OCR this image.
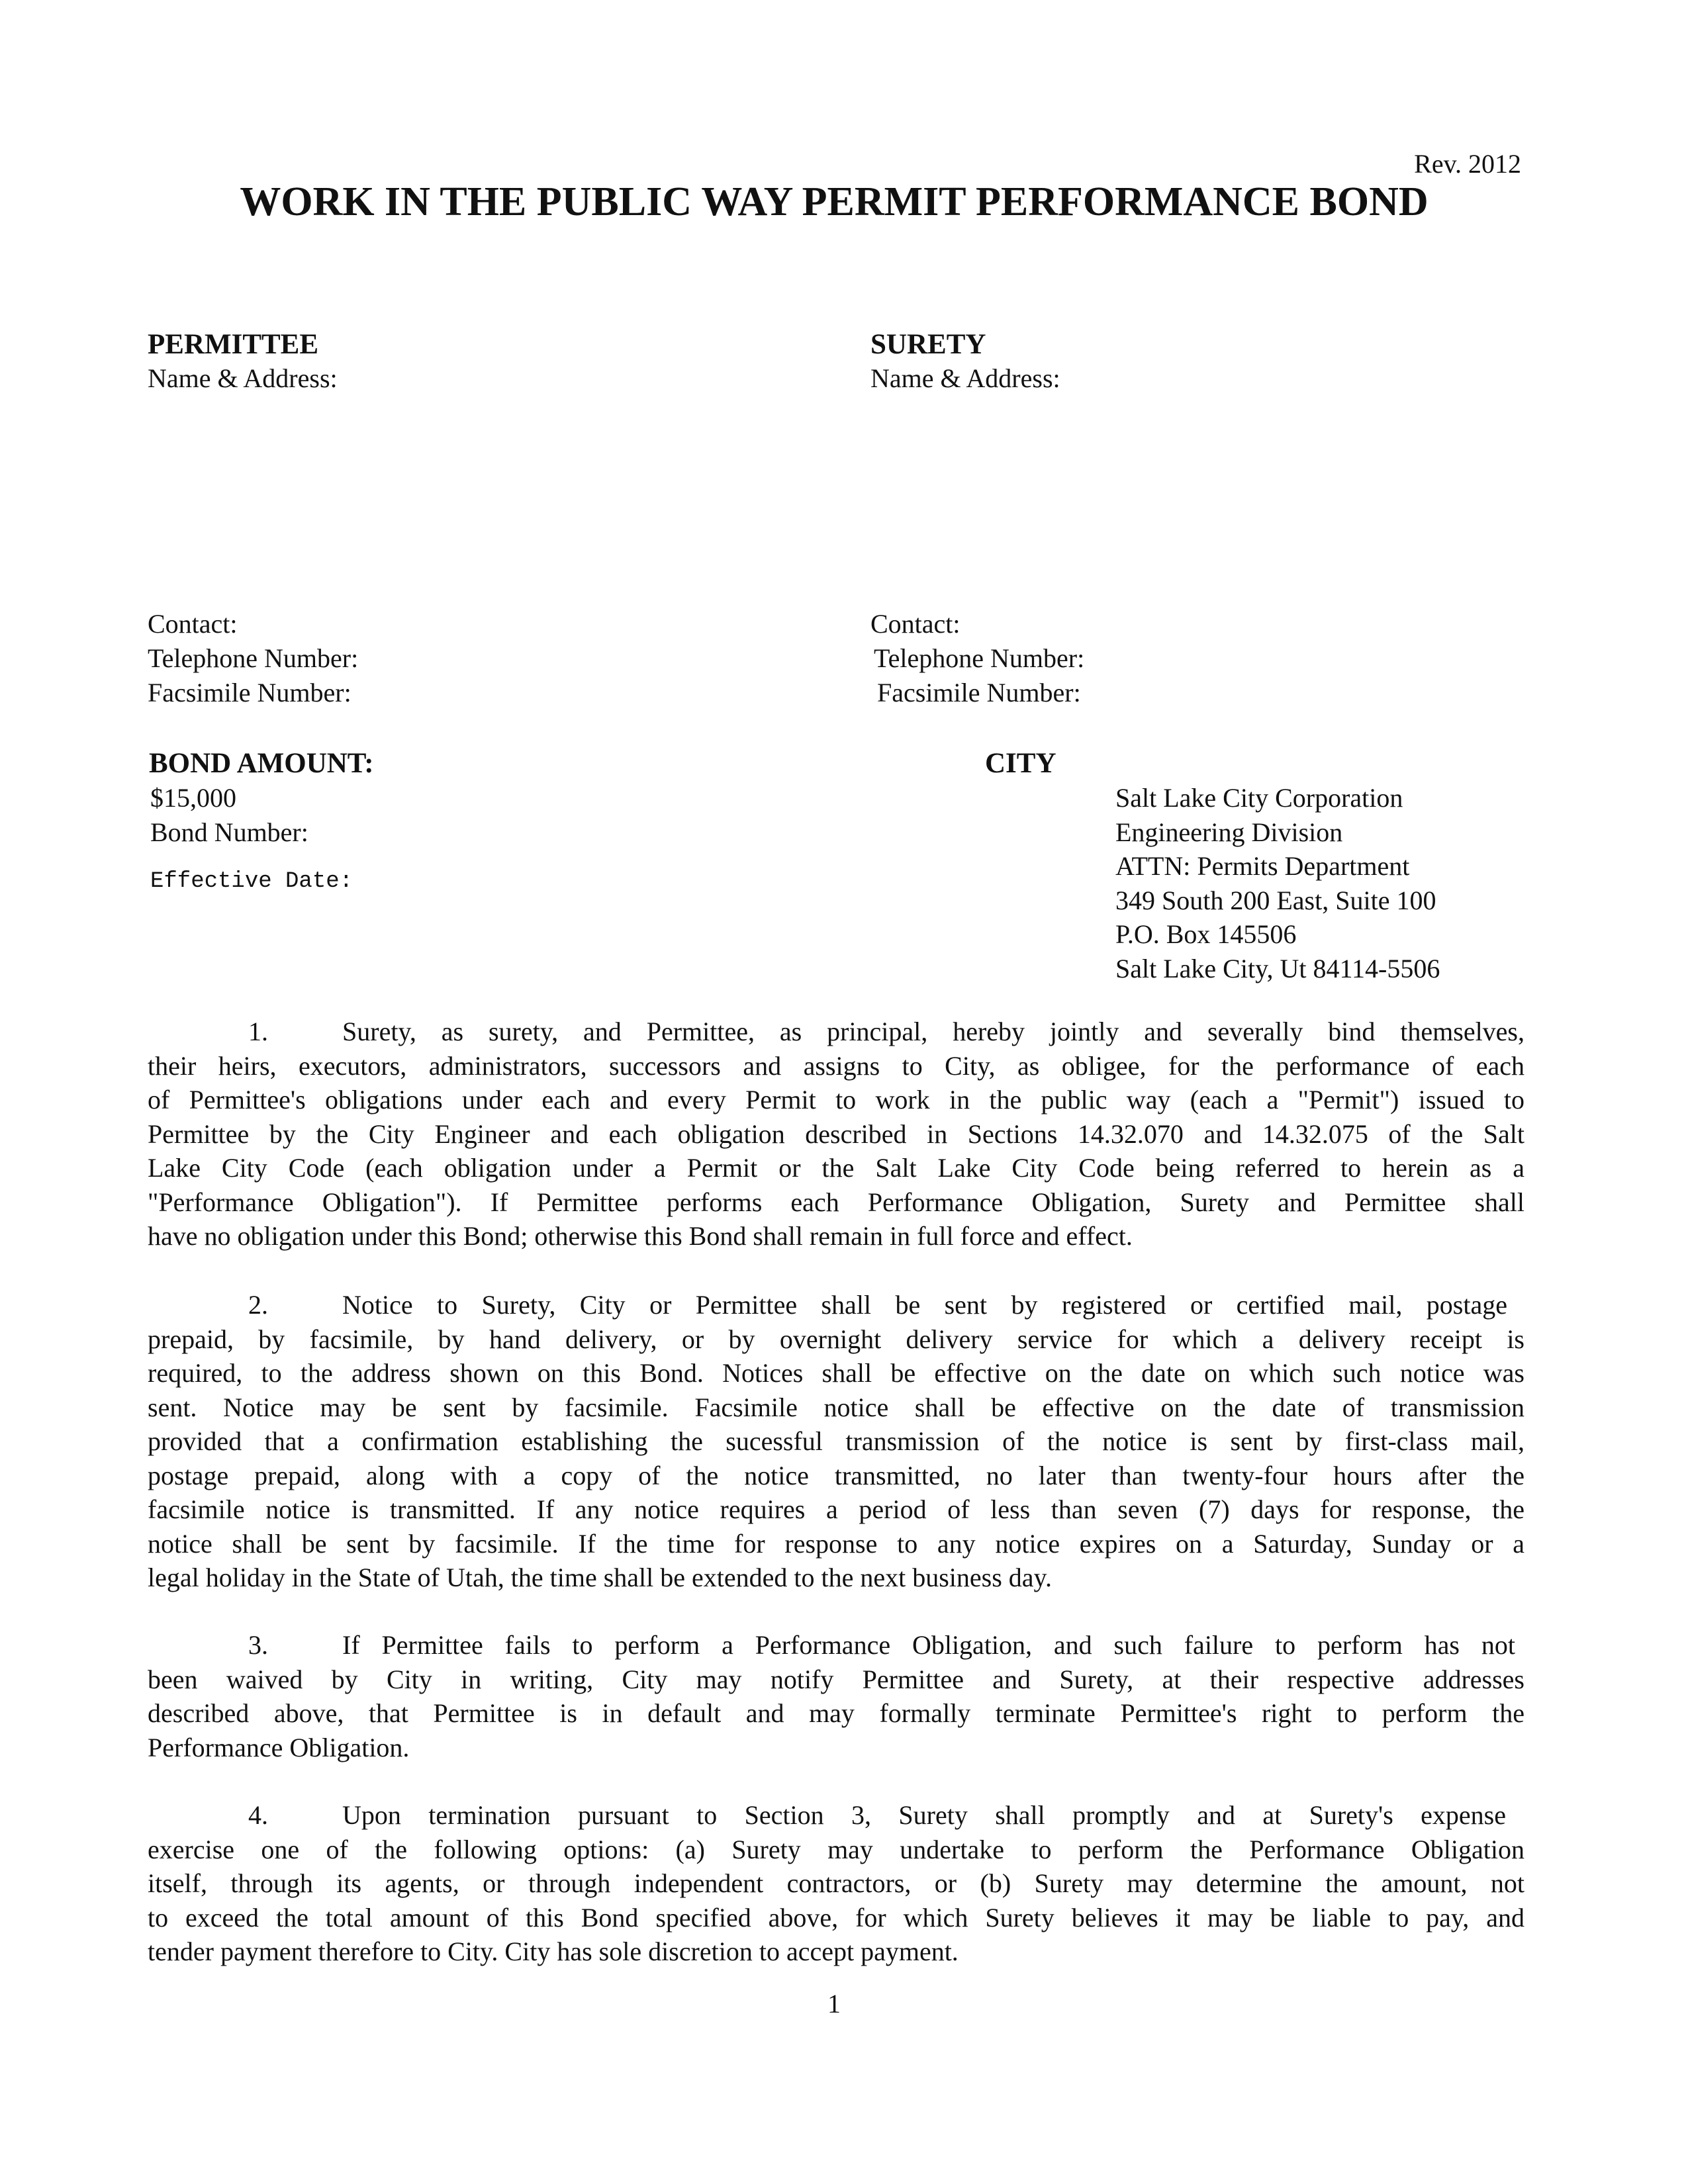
Rev. 2012
WORK IN THE PUBLIC WAY PERMIT PERFORMANCE BOND
PERMITTEE
Name & Address:
Contact:
Telephone Number:
Facsimile Number:
SURETY
Name & Address:
Contact:
Telephone Number:
Facsimile Number:
BOND AMOUNT:
$15,000
Bond Number:
Effective Date:
CITY
Salt Lake City Corporation
Engineering Division
ATTN: Permits Department
349 South 200 East, Suite 100
P.O. Box 145506
Salt Lake City, Ut 84114-5506
1.	Surety, as surety, and Permittee, as principal, hereby jointly and severally bind themselves,
their heirs, executors, administrators, successors and assigns to City, as obligee, for the performance of each
of Permittee's obligations under each and every Permit to work in the public way (each a "Permit") issued to
Permittee by the City Engineer and each obligation described in Sections 14.32.070 and 14.32.075 of the Salt
Lake City Code (each obligation under a Permit or the Salt Lake City Code being referred to herein as a
"Performance Obligation"). If Permittee performs each Performance Obligation, Surety and Permittee shall
have no obligation under this Bond; otherwise this Bond shall remain in full force and effect.
2.	Notice to Surety, City or Permittee shall be sent by registered or certified mail, postage
prepaid, by facsimile, by hand delivery, or by overnight delivery service for which a delivery receipt is
required, to the address shown on this Bond. Notices shall be effective on the date on which such notice was
sent. Notice may be sent by facsimile. Facsimile notice shall be effective on the date of transmission
provided that a confirmation establishing the sucessful transmission of the notice is sent by first-class mail,
postage prepaid, along with a copy of the notice transmitted, no later than twenty-four hours after the
facsimile notice is transmitted. If any notice requires a period of less than seven (7) days for response, the
notice shall be sent by facsimile. If the time for response to any notice expires on a Saturday, Sunday or a
legal holiday in the State of Utah, the time shall be extended to the next business day.
3.	If Permittee fails to perform a Performance Obligation, and such failure to perform has not
been waived by City in writing, City may notify Permittee and Surety, at their respective addresses
described above, that Permittee is in default and may formally terminate Permittee's right to perform the
Performance Obligation.
4.	Upon termination pursuant to Section 3, Surety shall promptly and at Surety's expense
exercise one of the following options: (a) Surety may undertake to perform the Performance Obligation
itself, through its agents, or through independent contractors, or (b) Surety may determine the amount, not
to exceed the total amount of this Bond specified above, for which Surety believes it may be liable to pay, and
tender payment therefore to City. City has sole discretion to accept payment.
1
